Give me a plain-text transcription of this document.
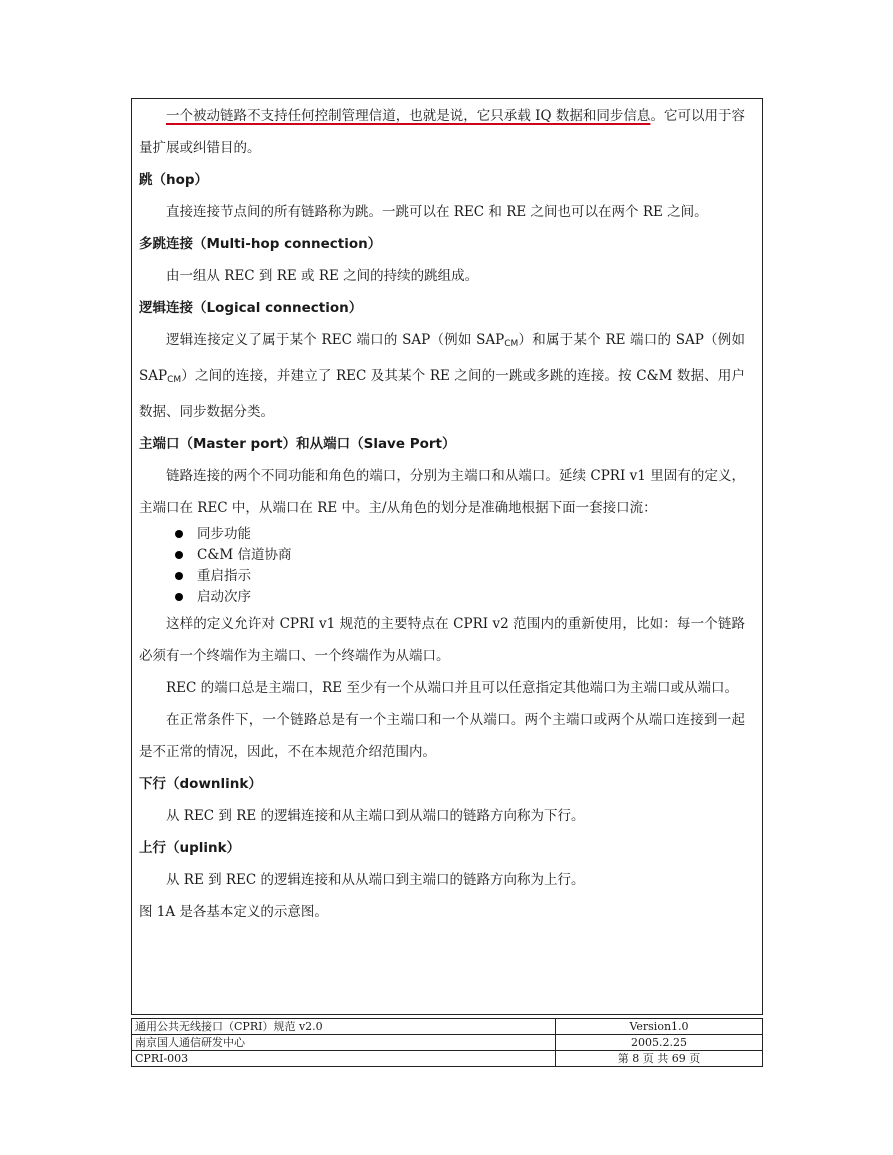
一个被动链路不支持任何控制管理信道，也就是说，它只承载 IQ 数据和同步信息。它可以用于容量扩展或纠错目的。

跳（hop）

直接连接节点间的所有链路称为跳。一跳可以在 REC 和 RE 之间也可以在两个 RE 之间。

多跳连接（Multi-hop connection）

由一组从 REC 到 RE 或 RE 之间的持续的跳组成。

逻辑连接（Logical connection）

逻辑连接定义了属于某个 REC 端口的 SAP（例如 $SAP_{CM}$）和属于某个 RE 端口的 SAP（例如 $SAP_{CM}$）之间的连接，并建立了 REC 及其某个 RE 之间的一跳或多跳的连接。按 C&M 数据、用户数据、同步数据分类。

主端口（Master port）和从端口（Slave Port）

链路连接的两个不同功能和角色的端口，分别为主端口和从端口。延续 CPRI v1 里固有的定义，主端口在 REC 中，从端口在 RE 中。主/从角色的划分是准确地根据下面一套接口流：

同步功能
C&M 信道协商
重启指示
启动次序

这样的定义允许对 CPRI v1 规范的主要特点在 CPRI v2 范围内的重新使用，比如：每一个链路必须有一个终端作为主端口、一个终端作为从端口。

REC 的端口总是主端口，RE 至少有一个从端口并且可以任意指定其他端口为主端口或从端口。

在正常条件下，一个链路总是有一个主端口和一个从端口。两个主端口或两个从端口连接到一起是不正常的情况，因此，不在本规范介绍范围内。

下行（downlink）

从 REC 到 RE 的逻辑连接和从主端口到从端口的链路方向称为下行。

上行（uplink）

从 RE 到 REC 的逻辑连接和从从端口到主端口的链路方向称为上行。

图 1A 是各基本定义的示意图。

通用公共无线接口（CPRI）规范 v2.0	Version1.0
南京国人通信研发中心	2005.2.25
CPRI-003	第 8 页 共 69 页
